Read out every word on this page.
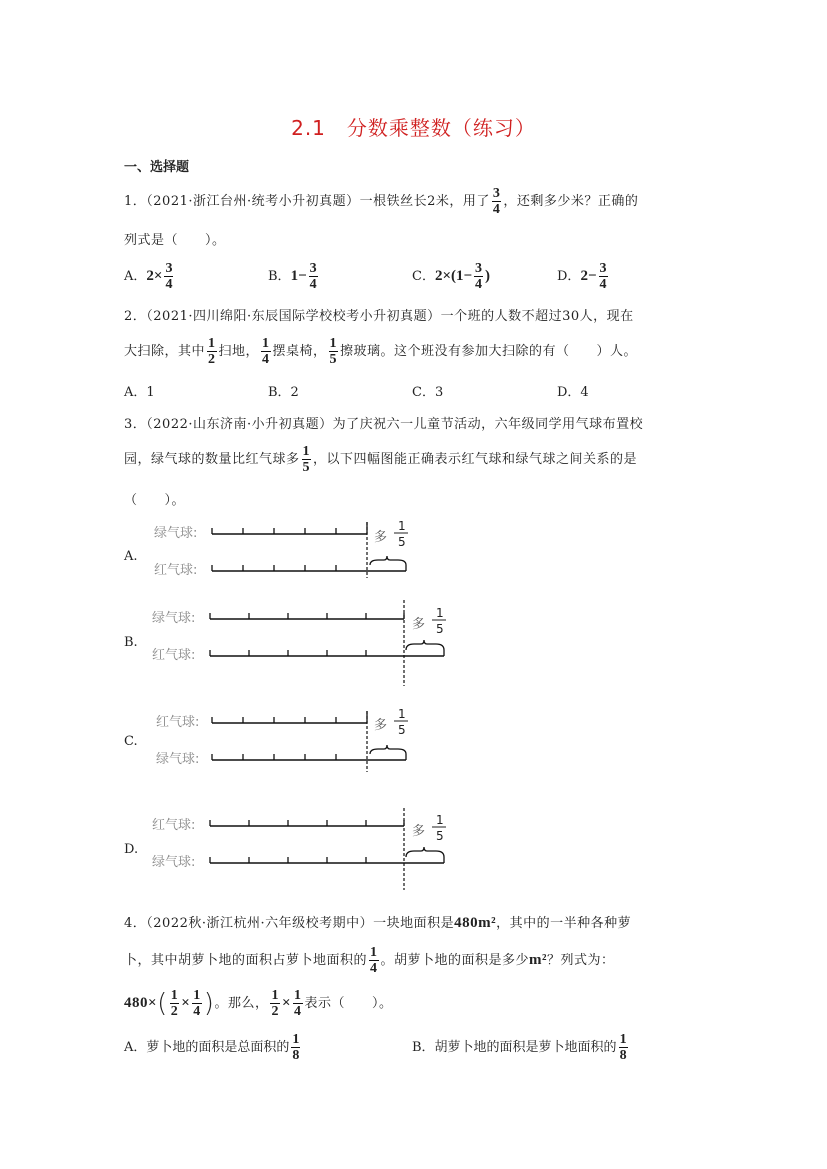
2.1　分数乘整数（练习）
一、选择题
1．（2021·浙江台州·统考小升初真题）一根铁丝长2米，用了 $\frac{3}{4}$ ，还剩多少米？正确的
列式是（　　）。
A．$2\times \frac{3}{4}$	B．$1- \frac{3}{4}$	C．$2\times(1- \frac{3}{4}$ )	D．$2- \frac{3}{4}$
2．（2021·四川绵阳·东辰国际学校校考小升初真题）一个班的人数不超过30人，现在
大扫除，其中 $\frac{1}{2}$ 扫地， $\frac{1}{4}$ 摆桌椅， $\frac{1}{5}$ 擦玻璃。这个班没有参加大扫除的有（　　）人。
A．1	B．2	C．3	D．4
3．（2022·山东济南·小升初真题）为了庆祝六一儿童节活动，六年级同学用气球布置校
园，绿气球的数量比红气球多 $\frac{1}{5}$ ，以下四幅图能正确表示红气球和绿气球之间关系的是
（　　）。
A.
绿气球:
红气球:
多
1
5
B.
绿气球:
红气球:
多
1
5
C.
红气球:
绿气球:
多
1
5
D.
红气球:
绿气球:
多
1
5
4．（2022秋·浙江杭州·六年级校考期中）一块地面积是480m²，其中的一半种各种萝
卜，其中胡萝卜地的面积占萝卜地面积的 $\frac{1}{4}$ 。胡萝卜地的面积是多少m²？列式为：
$480\times( \frac{1}{2} \times \frac{1}{4}$ )。那么， $\frac{1}{2} \times \frac{1}{4}$ 表示（　　）。
A．萝卜地的面积是总面积的 $\frac{1}{8}$	B．胡萝卜地的面积是萝卜地面积的 $\frac{1}{8}$
